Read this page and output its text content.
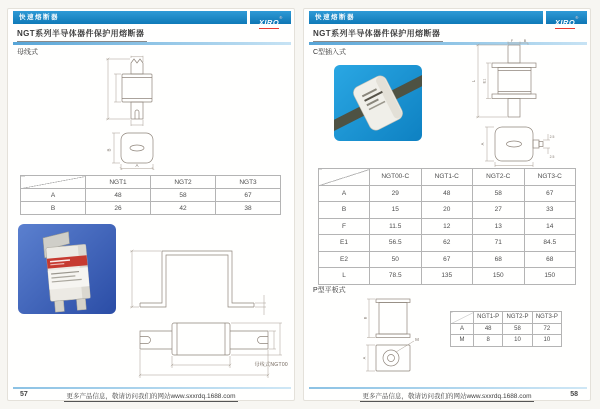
快速熔断器
XIRO®
NGT系列半导体器件保护用熔断器
母线式
B
A
	NGT1	NGT2	NGT3
A	48	58	67
B	26	42	38
母线式NGT00
57	更多产品信息，敬请访问我们的网站www.sxxrdq.1688.com
快速熔断器
XIRO®
NGT系列半导体器件保护用熔断器
C型插入式
F	B
L E1
A
2.5
2.5
	NGT00-C	NGT1-C	NGT2-C	NGT3-C
A	29	48	58	67
B	15	20	27	33
F	11.5	12	13	14
E1	56.5	62	71	84.5
E2	50	67	68	68
L	78.5	135	150	150
P型平板式
B
M
A
	NGT1-P	NGT2-P	NGT3-P
A	48	58	72
M	8	10	10
更多产品信息，敬请访问我们的网站www.sxxrdq.1688.com	58
